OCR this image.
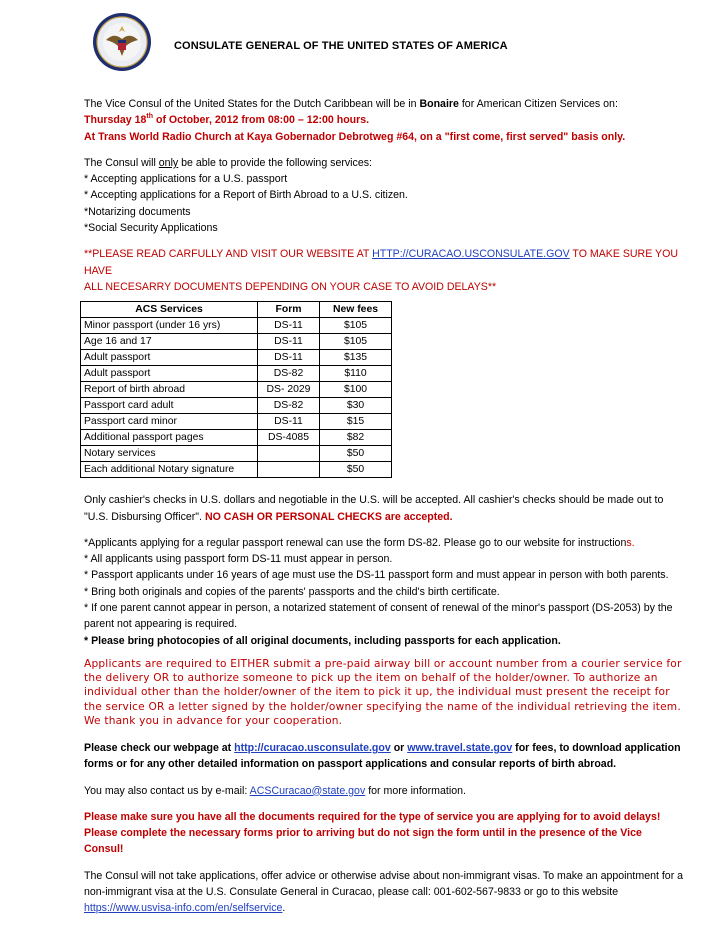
CONSULATE GENERAL OF THE UNITED STATES OF AMERICA

The Vice Consul of the United States for the Dutch Caribbean will be in Bonaire for American Citizen Services on:

Thursday 18th of October, 2012 from 08:00 – 12:00 hours.

At Trans World Radio Church at Kaya Gobernador Debrotweg #64, on a "first come, first served" basis only.

The Consul will only be able to provide the following services:

* Accepting applications for a U.S. passport

* Accepting applications for a Report of Birth Abroad to a U.S. citizen.

*Notarizing documents

*Social Security Applications

**PLEASE READ CARFULLY AND VISIT OUR WEBSITE AT HTTP://CURACAO.USCONSULATE.GOV TO MAKE SURE YOU HAVE

ALL NECESARRY DOCUMENTS DEPENDING ON YOUR CASE TO AVOID DELAYS**

ACS Services	Form	New fees
Minor passport (under 16 yrs)	DS-11	$105
Age 16 and 17	DS-11	$105
Adult passport	DS-11	$135
Adult passport	DS-82	$110
Report of birth abroad	DS- 2029	$100
Passport card adult	DS-82	$30
Passport card minor	DS-11	$15
Additional passport pages	DS-4085	$82
Notary services		$50
Each additional Notary signature		$50

Only cashier's checks in U.S. dollars and negotiable in the U.S. will be accepted. All cashier's checks should be made out to "U.S. Disbursing Officer". NO CASH OR PERSONAL CHECKS are accepted.

*Applicants applying for a regular passport renewal can use the form DS-82. Please go to our website for instructions.

* All applicants using passport form DS-11 must appear in person.

* Passport applicants under 16 years of age must use the DS-11 passport form and must appear in person with both parents.

* Bring both originals and copies of the parents' passports and the child's birth certificate.

* If one parent cannot appear in person, a notarized statement of consent of renewal of the minor's passport (DS-2053) by the parent not appearing is required.

* Please bring photocopies of all original documents, including passports for each application.

Applicants are required to EITHER submit a pre-paid airway bill or account number from a courier service for

the delivery OR to authorize someone to pick up the item on behalf of the holder/owner. To authorize an

individual other than the holder/owner of the item to pick it up, the individual must present the receipt for

the service OR a letter signed by the holder/owner specifying the name of the individual retrieving the item.

We thank you in advance for your cooperation.

Please check our webpage at http://curacao.usconsulate.gov or www.travel.state.gov for fees, to download application forms or for any other detailed information on passport applications and consular reports of birth abroad.

You may also contact us by e-mail: ACSCuracao@state.gov for more information.

Please make sure you have all the documents required for the type of service you are applying for to avoid delays!

Please complete the necessary forms prior to arriving but do not sign the form until in the presence of the Vice Consul!

The Consul will not take applications, offer advice or otherwise advise about non-immigrant visas. To make an appointment for a non-immigrant visa at the U.S. Consulate General in Curacao, please call: 001-602-567-9833 or go to this website https://www.usvisa-info.com/en/selfservice.
